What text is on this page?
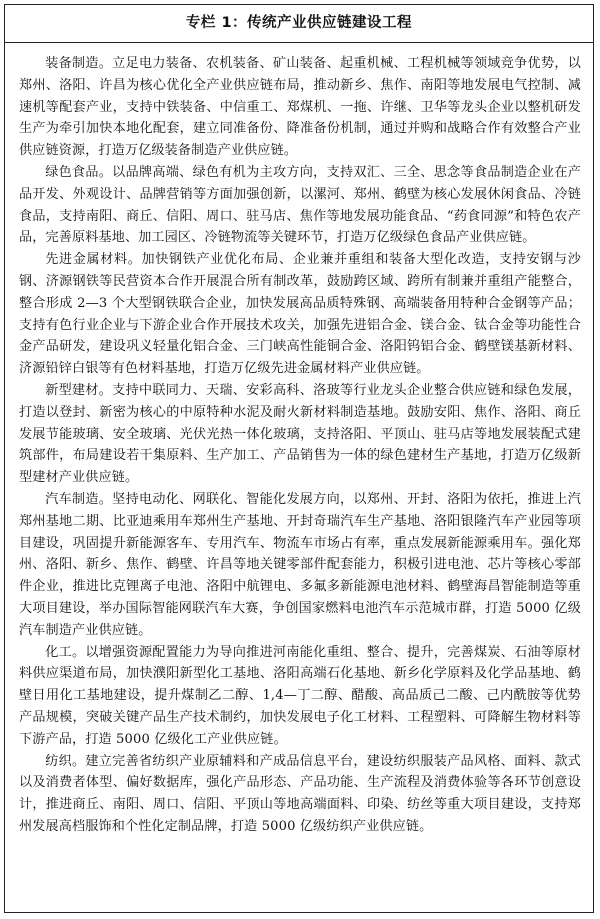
专栏 1：传统产业供应链建设工程

装备制造。立足电力装备、农机装备、矿山装备、起重机械、工程机械等领域竞争优势，以郑州、洛阳、许昌为核心优化全产业供应链布局，推动新乡、焦作、南阳等地发展电气控制、减速机等配套产业，支持中铁装备、中信重工、郑煤机、一拖、许继、卫华等龙头企业以整机研发生产为牵引加快本地化配套，建立同准备份、降准备份机制，通过并购和战略合作有效整合产业供应链资源，打造万亿级装备制造产业供应链。

绿色食品。以品牌高端、绿色有机为主攻方向，支持双汇、三全、思念等食品制造企业在产品开发、外观设计、品牌营销等方面加强创新，以漯河、郑州、鹤壁为核心发展休闲食品、冷链食品，支持南阳、商丘、信阳、周口、驻马店、焦作等地发展功能食品、“药食同源”和特色农产品，完善原料基地、加工园区、冷链物流等关键环节，打造万亿级绿色食品产业供应链。

先进金属材料。加快钢铁产业优化布局、企业兼并重组和装备大型化改造，支持安钢与沙钢、济源钢铁等民营资本合作开展混合所有制改革，鼓励跨区域、跨所有制兼并重组产能整合，整合形成 2—3 个大型钢铁联合企业，加快发展高品质特殊钢、高端装备用特种合金钢等产品；支持有色行业企业与下游企业合作开展技术攻关，加强先进铝合金、镁合金、钛合金等功能性合金产品研发，建设巩义轻量化铝合金、三门峡高性能铜合金、洛阳钨铝合金、鹤壁镁基新材料、济源铅锌白银等有色材料基地，打造万亿级先进金属材料产业供应链。

新型建材。支持中联同力、天瑞、安彩高科、洛玻等行业龙头企业整合供应链和绿色发展，打造以登封、新密为核心的中原特种水泥及耐火新材料制造基地。鼓励安阳、焦作、洛阳、商丘发展节能玻璃、安全玻璃、光伏光热一体化玻璃，支持洛阳、平顶山、驻马店等地发展装配式建筑部件，布局建设若干集原料、生产加工、产品销售为一体的绿色建材生产基地，打造万亿级新型建材产业供应链。

汽车制造。坚持电动化、网联化、智能化发展方向，以郑州、开封、洛阳为依托，推进上汽郑州基地二期、比亚迪乘用车郑州生产基地、开封奇瑞汽车生产基地、洛阳银隆汽车产业园等项目建设，巩固提升新能源客车、专用汽车、物流车市场占有率，重点发展新能源乘用车。强化郑州、洛阳、新乡、焦作、鹤壁、许昌等地关键零部件配套能力，积极引进电池、芯片等核心零部件企业，推进比克锂离子电池、洛阳中航锂电、多氟多新能源电池材料、鹤壁海昌智能制造等重大项目建设，举办国际智能网联汽车大赛，争创国家燃料电池汽车示范城市群，打造 5000 亿级汽车制造产业供应链。

化工。以增强资源配置能力为导向推进河南能化重组、整合、提升，完善煤炭、石油等原材料供应渠道布局，加快濮阳新型化工基地、洛阳高端石化基地、新乡化学原料及化学品基地、鹤壁日用化工基地建设，提升煤制乙二醇、1,4—丁二醇、醋酸、高品质己二酸、己内酰胺等优势产品规模，突破关键产品生产技术制约，加快发展电子化工材料、工程塑料、可降解生物材料等下游产品，打造 5000 亿级化工产业供应链。

纺织。建立完善省纺织产业原辅料和产成品信息平台，建设纺织服装产品风格、面料、款式以及消费者体型、偏好数据库，强化产品形态、产品功能、生产流程及消费体验等各环节创意设计，推进商丘、南阳、周口、信阳、平顶山等地高端面料、印染、纺丝等重大项目建设，支持郑州发展高档服饰和个性化定制品牌，打造 5000 亿级纺织产业供应链。
